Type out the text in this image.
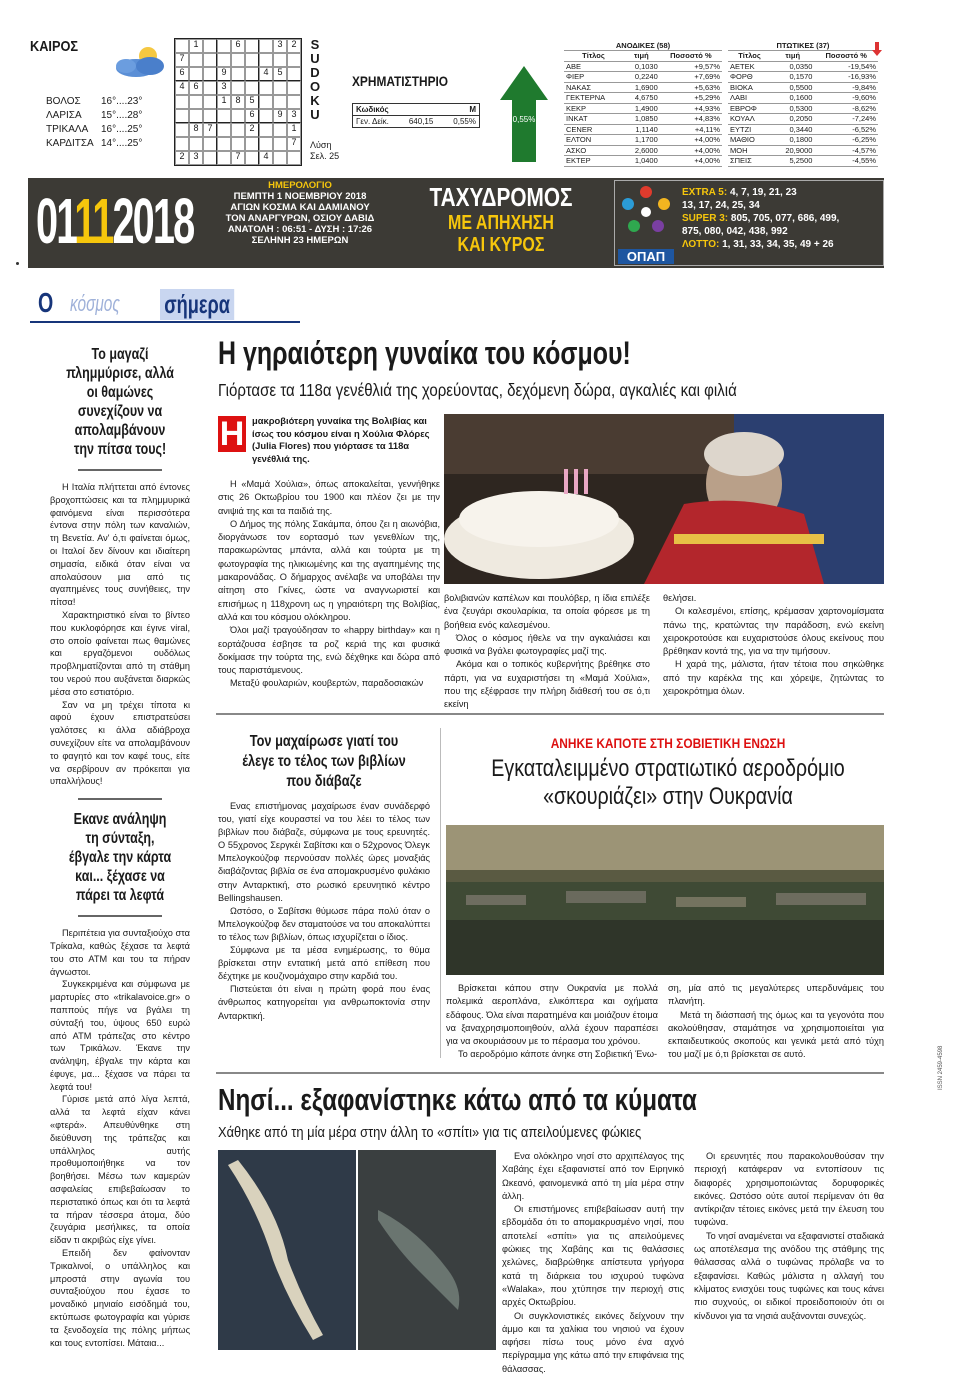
ΚΑΙΡΟΣ
ΒΟΛΟΣ	16°....23°
ΛΑΡΙΣΑ	15°....28°
ΤΡΙΚΑΛΑ	16°....25°
ΚΑΡΔΙΤΣΑ 14°....25°
1	6	3 2
7
6	9	4 5
4 6	3
1 8 5
6	9 3
8 7	2	1
7
2 3	7	4
S
U
D
O
K
U
Λύση
Σελ. 25
ΧΡΗΜΑΤΙΣΤΗΡΙΟ
Κωδικός	M
Γεν. Δείκ. 640,15 0,55%	0,55%
ΑΝΟΔΙΚΕΣ (58)		
Τίτλος	τιμή	Ποσοστό %
ΑΒΕ	0,1030	+9,57%
ΦΙΕΡ	0,2240	+7,69%
ΝΑΚΑΣ	1,6900	+5,63%
ΓΕΚΤΕΡΝΑ	4,6750	+5,29%
ΚΕΚΡ	1,4900	+4,93%
ΙΝΚΑΤ	1,0850	+4,83%
CENER	1,1140	+4,11%
ΕΛΤΟΝ	1,1700	+4,00%
ΑΣΚΟ	2,6000	+4,00%
ΕΚΤΕΡ	1,0400	+4,00%
ΠΤΩΤΙΚΕΣ (37)		
Τίτλος	τιμή	Ποσοστό %
ΑΕΤΕΚ	0,0350	-19,54%
ΦΟΡΘ	0,1570	-16,93%
ΒΙΟΚΑ	0,5500	-9,84%
ΛΑΒΙ	0,1600	-9,60%
ΕΒΡΟΦ	0,5300	-8,62%
ΚΟΥΑΛ	0,2050	-7,24%
ΕΥΤΖΙ	0,3440	-6,52%
ΜΑΘΙΟ	0,1800	-6,25%
ΜΟΗ	20,9000	-4,57%
ΣΠΕΙΣ	5,2500	-4,55%
01112018	ΗΜΕΡΟΛΟΓΙΟ
ΠΕΜΠΤΗ 1 ΝΟΕΜΒΡΙΟΥ 2018
ΑΓΙΩΝ ΚΟΣΜΑ ΚΑΙ ΔΑΜΙΑΝΟΥ
ΤΟΝ ΑΝΑΡΓΥΡΩΝ, ΟΣΙΟΥ ΔΑΒΙΔ
ΑΝΑΤΟΛΗ : 06:51 - ΔΥΣΗ : 17:26
ΣΕΛΗΝΗ 23 ΗΜΕΡΩΝ
ΤΑΧΥΔΡΟΜΟΣ
ΜΕ ΑΠΗΧΗΣΗ
ΚΑΙ ΚΥΡΟΣ
ΟΠΑΠ
EXTRA 5: 4, 7, 19, 21, 23
13, 17, 24, 25, 34
SUPER 3: 805, 705, 077, 686, 499,
875, 080, 042, 438, 992
ΛΟΤΤΟ: 1, 31, 33, 34, 35, 49 + 26
Ο κόσμος σήμερα
Το μαγαζί πλημμύρισε, αλλά οι θαμώνες συνεχίζουν να απολαμβάνουν την πίτσα τους!

Η Ιταλία πλήττεται από έντονες βροχοπτώσεις και τα πλημμυρικά φαινόμενα είναι περισσότερα έντονα στην πόλη των καναλιών, τη Βενετία. Αν' ό,τι φαίνεται όμως, οι Ιταλοί δεν δίνουν και ιδιαίτερη σημασία, ειδικά όταν είναι να απολαύσουν μια από τις αγαπημένες τους συνήθειες, την πίτσα!

Χαρακτηριστικό είναι το βίντεο που κυκλοφόρησε και έγινε viral, στο οποίο φαίνεται πως θαμώνες και εργαζόμενοι ουδόλως προβληματίζονται από τη στάθμη του νερού που αυξάνεται διαρκώς μέσα στο εστιατόριο.

Σαν να μη τρέχει τίποτα κι αφού έχουν επιστρατεύσει γαλότσες κι άλλα αδιάβροχα συνεχίζουν είτε να απολαμβάνουν το φαγητό και τον καφέ τους, είτε να σερβίρουν αν πρόκειται για υπαλλήλους!

Εκανε ανάληψη τη σύνταξη, έβγαλε την κάρτα και... ξέχασε να πάρει τα λεφτά

Περιπέτεια για συνταξιούχο στα Τρίκαλα, καθώς ξέχασε τα λεφτά του στο ΑΤΜ και του τα πήραν άγνωστοι.

Συγκεκριμένα και σύμφωνα με μαρτυρίες στο «trikalavoice.gr» ο παππούς πήγε να βγάλει τη σύνταξή του, ύψους 650 ευρώ από ΑΤΜ τράπεζας στο κέντρο των Τρικάλων. Έκανε την ανάληψη, έβγαλε την κάρτα και έφυγε, μα... ξέχασε να πάρει τα λεφτά του!

Γύρισε μετά από λίγα λεπτά, αλλά τα λεφτά είχαν κάνει «φτερά». Απευθύνθηκε στη διεύθυνση της τράπεζας και υπάλληλος αυτής προθυμοποιήθηκε να τον βοηθήσει. Μέσω των καμερών ασφαλείας επιβεβαίωσαν το περιστατικό όπως και ότι τα λεφτά τα πήραν τέσσερα άτομα, δύο ζευγάρια μεσήλικες, τα οποία είδαν τι ακριβώς είχε γίνει.

Επειδή δεν φαίνονταν Τρικαλινοί, ο υπάλληλος και μπροστά στην αγωνία του συνταξιούχου που έχασε το μοναδικό μηνιαίο εισόδημά του, εκτύπωσε φωτογραφία και γύρισε τα ξενοδοχεία της πόλης μήπως και τους εντοπίσει. Μάταια...

Η γηραιότερη γυναίκα του κόσμου!
Γιόρτασε τα 118α γενέθλιά της χορεύοντας, δεχόμενη δώρα, αγκαλιές και φιλιά
Η μακροβιότερη γυναίκα της Βολιβίας και ίσως του κόσμου είναι η Χούλια Φλόρες (Julia Flores) που γιόρτασε τα 118α γενέθλιά της.

Η «Μαμά Χούλια», όπως αποκαλείται, γεννήθηκε στις 26 Οκτωβρίου του 1900 και πλέον ζει με την ανιψιά της και τα παιδιά της.

Ο Δήμος της πόλης Σακάμπα, όπου ζει η αιωνόβια, διοργάνωσε τον εορτασμό των γενεθλίων της, παρακωρώντας μπάντα, αλλά και τούρτα με τη φωτογραφία της ηλικιωμένης και της αγαπημένης της μακαρονάδας. Ο δήμαρχος ανέλαβε να υποβάλει την αίτηση στο Γκίνες, ώστε να αναγνωριστεί και επισήμως η 118χρονη ως η γηραιότερη της Βολιβίας, αλλά και του κόσμου ολόκληρου.

Όλοι μαζί τραγούδησαν το «happy birthday» και η εορτάζουσα έσβησε τα ροζ κεριά της και φυσικά δοκίμασε την τούρτα της, ενώ δέχθηκε και δώρα από τους παριστάμενους.

Μεταξύ φουλαριών, κουβερτών, παραδοσιακών

βολιβιανών καπέλων και πουλόβερ, η ίδια επιλέξε ένα ζευγάρι σκουλαρίκια, τα οποία φόρεσε με τη βοήθεια ενός καλεσμένου.

Όλος ο κόσμος ήθελε να την αγκαλιάσει και φυσικά να βγάλει φωτογραφίες μαζί της.

Ακόμα και ο τοπικός κυβερνήτης βρέθηκε στο πάρτι, για να ευχαριστήσει τη «Μαμά Χούλια», που της εξέφρασε την πλήρη διάθεσή του σε ό,τι εκείνη

θελήσει.

Οι καλεσμένοι, επίσης, κρέμασαν χαρτονομίσματα πάνω της, κρατώντας την παράδοση, ενώ εκείνη χειροκροτούσε και ευχαριστούσε όλους εκείνους που βρέθηκαν κοντά της, για να την τιμήσουν.

Η χαρά της, μάλιστα, ήταν τέτοια που σηκώθηκε από την καρέκλα της και χόρεψε, ζητώντας το χειροκρότημα όλων.

Τον μαχαίρωσε γιατί του έλεγε το τέλος των βιβλίων που διάβαζε

Ενας επιστήμονας μαχαίρωσε έναν συνάδερφό του, γιατί είχε κουραστεί να του λέει το τέλος των βιβλίων που διάβαζε, σύμφωνα με τους ερευνητές. Ο 55χρονος Σεργκέι Σαβίτσκι και ο 52χρονος Όλεγκ Μπελογκούζοφ περνούσαν πολλές ώρες μοναξιάς διαβάζοντας βιβλία σε ένα απομακρυσμένο φυλάκιο στην Ανταρκτική, στο ρωσικό ερευνητικό κέντρο Bellingshausen.

Ωστόσο, ο Σαβίτσκι θύμωσε πάρα πολύ όταν ο Μπελογκούζοφ δεν σταματούσε να του αποκαλύπτει το τέλος των βιβλίων, όπως ισχυρίζεται ο ίδιος.

Σύμφωνα με τα μέσα ενημέρωσης, το θύμα βρίσκεται στην εντατική μετά από επίθεση που δέχτηκε με κουζινομάχαιρο στην καρδιά του.

Πιστεύεται ότι είναι η πρώτη φορά που ένας άνθρωπος κατηγορείται για ανθρωποκτονία στην Ανταρκτική.

ΑΝΗΚΕ ΚΑΠΟΤΕ ΣΤΗ ΣΟΒΙΕΤΙΚΗ ΕΝΩΣΗ
Εγκαταλειμμένο στρατιωτικό αεροδρόμιο
«σκουριάζει» στην Ουκρανία

Βρίσκεται κάπου στην Ουκρανία με πολλά πολεμικά αεροπλάνα, ελικόπτερα και οχήματα εδάφους. Όλα είναι παρατημένα και μοιάζουν έτοιμα να ξαναχρησιμοποιηθούν, αλλά έχουν παραπέσει για να σκουριάσουν με το πέρασμα του χρόνου.

Το αεροδρόμιο κάποτε άνηκε στη Σοβιετική Ένω-

ση, μία από τις μεγαλύτερες υπερδυνάμεις του πλανήτη.

Μετά τη διάσπασή της όμως και τα γεγονότα που ακολούθησαν, σταμάτησε να χρησιμοποιείται για εκπαιδευτικούς σκοπούς και γενικά μετά από τύχη του μαζί με ό,τι βρίσκεται σε αυτό.

Νησί... εξαφανίστηκε κάτω από τα κύματα
Χάθηκε από τη μία μέρα στην άλλη το «σπίτι» για τις απειλούμενες φώκιες

Ενα ολόκληρο νησί στο αρχιπέλαγος της Χαβάης έχει εξαφανιστεί από τον Ειρηνικό Ωκεανό, φαινομενικά από τη μία μέρα στην άλλη.

Οι επιστήμονες επιβεβαίωσαν αυτή την εβδομάδα ότι το απομακρυσμένο νησί, που αποτελεί «σπίτι» για τις απειλούμενες φώκιες της Χαβάης και τις θαλάσσιες χελώνες, διαβρώθηκε απίστευτα γρήγορα κατά τη διάρκεια του ισχυρού τυφώνα «Walaka», που χτύπησε την περιοχή στις αρχές Οκτωβρίου.

Οι συγκλονιστικές εικόνες δείχνουν την άμμο και τα χαλίκια του νησιού να έχουν αφήσει πίσω τους μόνο ένα αχνό περίγραμμα γης κάτω από την επιφάνεια της θάλασσας.

Οι ερευνητές που παρακολουθούσαν την περιοχή κατάφεραν να εντοπίσουν τις διαφορές χρησιμοποιώντας δορυφορικές εικόνες. Ωστόσο ούτε αυτοί περίμεναν ότι θα αντίκριζαν τέτοιες εικόνες μετά την έλευση του τυφώνα.

Το νησί αναμένεται να εξαφανιστεί σταδιακά ως αποτέλεσμα της ανόδου της στάθμης της θάλασσας αλλά ο τυφώνας πρόλαβε να το εξαφανίσει. Καθώς μάλιστα η αλλαγή του κλίματος ενισχύει τους τυφώνες και τους κάνει πιο συχνούς, οι ειδικοί προειδοποιούν ότι οι κίνδυνοι για τα νησιά αυξάνονται συνεχώς.

ISSN 2459-4598
